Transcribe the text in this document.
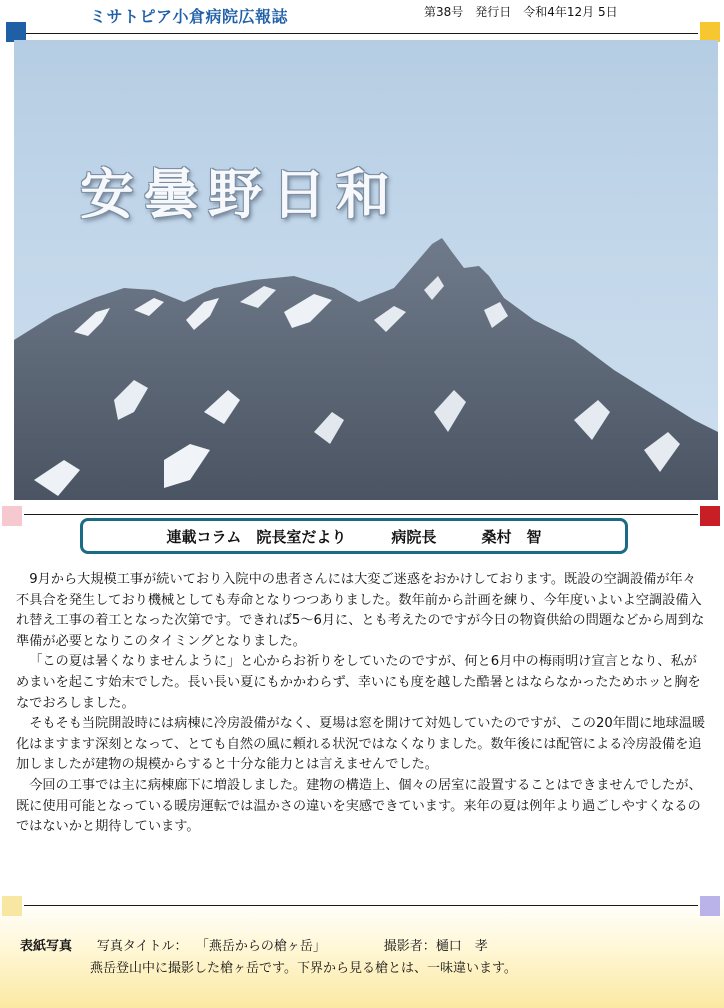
ミサトピア小倉病院広報誌	第38号　発行日　令和4年12月 5日
安曇野日和
連載コラム　院長室だより
　　　	病院長
　　　	桑村　智

9月から大規模工事が続いており入院中の患者さんには大変ご迷惑をおかけしております。既設の空調設備が年々不具合を発生しており機械としても寿命となりつつありました。数年前から計画を練り、今年度いよいよ空調設備入れ替え工事の着工となった次第です。できれば5～6月に、とも考えたのですが今日の物資供給の問題などから周到な準備が必要となりこのタイミングとなりました。

「この夏は暑くなりませんように」と心からお祈りをしていたのですが、何と6月中の梅雨明け宣言となり、私がめまいを起こす始末でした。長い長い夏にもかかわらず、幸いにも度を越した酷暑とはならなかったためホッと胸をなでおろしました。

そもそも当院開設時には病棟に冷房設備がなく、夏場は窓を開けて対処していたのですが、この20年間に地球温暖化はますます深刻となって、とても自然の風に頼れる状況ではなくなりました。数年後には配管による冷房設備を追加しましたが建物の規模からすると十分な能力とは言えませんでした。

今回の工事では主に病棟廊下に増設しました。建物の構造上、個々の居室に設置することはできませんでしたが、既に使用可能となっている暖房運転では温かさの違いを実感できています。来年の夏は例年より過ごしやすくなるのではないかと期待しています。

表紙写真 写真タイトル： 「燕岳からの槍ヶ岳」	撮影者：樋口　孝
燕岳登山中に撮影した槍ヶ岳です。下界から見る槍とは、一味違います。
